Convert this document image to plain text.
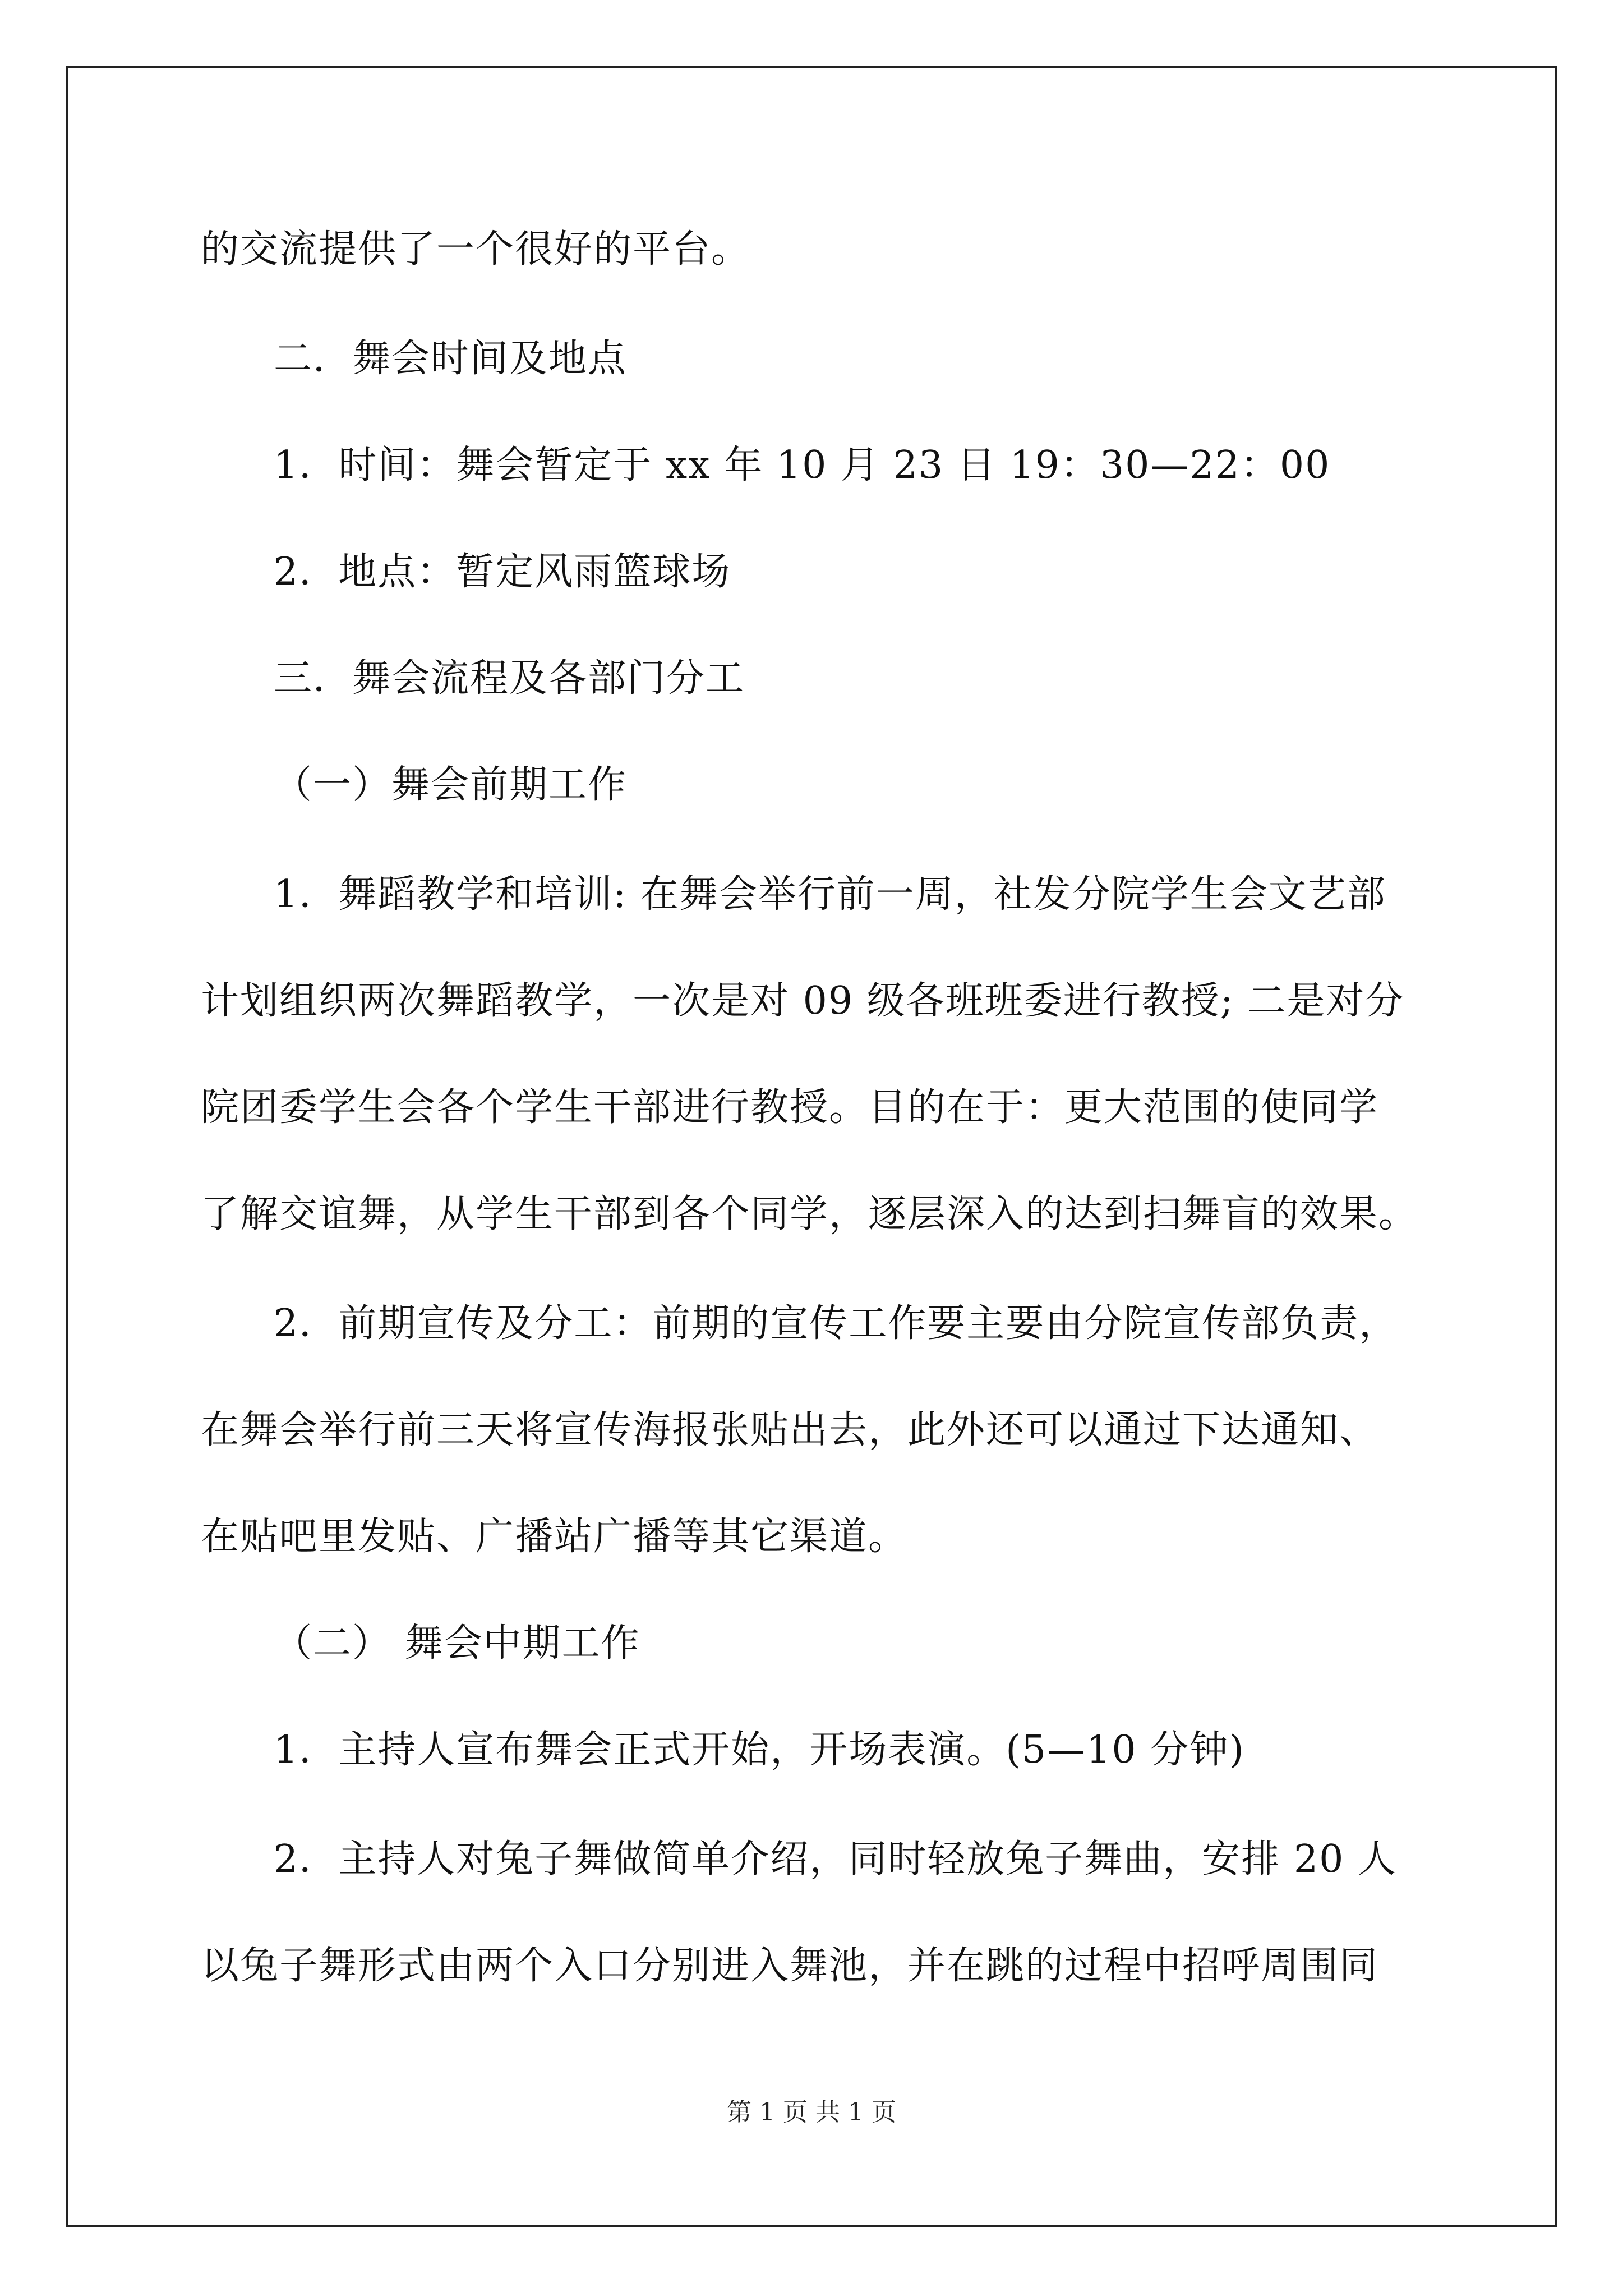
的交流提供了一个很好的平台。
二．舞会时间及地点
1．时间：舞会暂定于 xx 年 10 月 23 日 19：30—22：00
2．地点：暂定风雨篮球场
三．舞会流程及各部门分工
（一）舞会前期工作
1．舞蹈教学和培训: 在舞会举行前一周，社发分院学生会文艺部
计划组织两次舞蹈教学，一次是对 09 级各班班委进行教授; 二是对分
院团委学生会各个学生干部进行教授。目的在于：更大范围的使同学
了解交谊舞，从学生干部到各个同学，逐层深入的达到扫舞盲的效果。
2．前期宣传及分工：前期的宣传工作要主要由分院宣传部负责，
在舞会举行前三天将宣传海报张贴出去，此外还可以通过下达通知、
在贴吧里发贴、广播站广播等其它渠道。
（二） 舞会中期工作
1．主持人宣布舞会正式开始，开场表演。(5—10 分钟)
2．主持人对兔子舞做简单介绍，同时轻放兔子舞曲，安排 20 人
以兔子舞形式由两个入口分别进入舞池，并在跳的过程中招呼周围同
第 1 页 共 1 页
